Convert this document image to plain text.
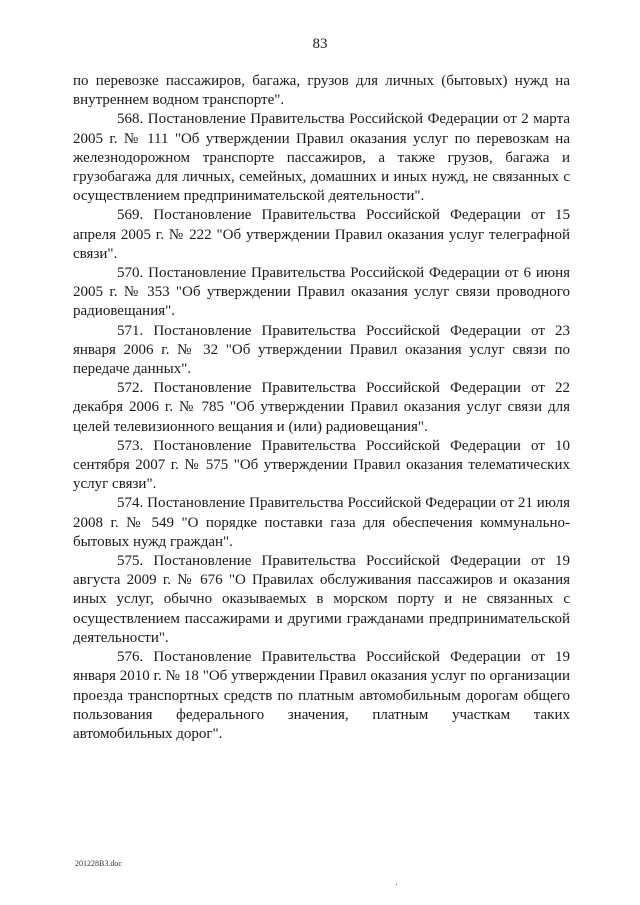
83

по перевозке пассажиров, багажа, грузов для личных (бытовых) нужд на внутреннем водном транспорте".

568. Постановление Правительства Российской Федерации от 2 марта 2005 г. № 111 "Об утверждении Правил оказания услуг по перевозкам на железнодорожном транспорте пассажиров, а также грузов, багажа и грузобагажа для личных, семейных, домашних и иных нужд, не связанных с осуществлением предпринимательской деятельности".

569. Постановление Правительства Российской Федерации от 15 апреля 2005 г. № 222 "Об утверждении Правил оказания услуг телеграфной связи".

570. Постановление Правительства Российской Федерации от 6 июня 2005 г. № 353 "Об утверждении Правил оказания услуг связи проводного радиовещания".

571. Постановление Правительства Российской Федерации от 23 января 2006 г. № 32 "Об утверждении Правил оказания услуг связи по передаче данных".

572. Постановление Правительства Российской Федерации от 22 декабря 2006 г. № 785 "Об утверждении Правил оказания услуг связи для целей телевизионного вещания и (или) радиовещания".

573. Постановление Правительства Российской Федерации от 10 сентября 2007 г. № 575 "Об утверждении Правил оказания телематических услуг связи".

574. Постановление Правительства Российской Федерации от 21 июля 2008 г. № 549 "О порядке поставки газа для обеспечения коммунально-бытовых нужд граждан".

575. Постановление Правительства Российской Федерации от 19 августа 2009 г. № 676 "О Правилах обслуживания пассажиров и оказания иных услуг, обычно оказываемых в морском порту и не связанных с осуществлением пассажирами и другими гражданами предпринимательской деятельности".

576. Постановление Правительства Российской Федерации от 19 января 2010 г. № 18 "Об утверждении Правил оказания услуг по организации проезда транспортных средств по платным автомобильным дорогам общего пользования федерального значения, платным участкам таких автомобильных дорог".

201228В3.doc
